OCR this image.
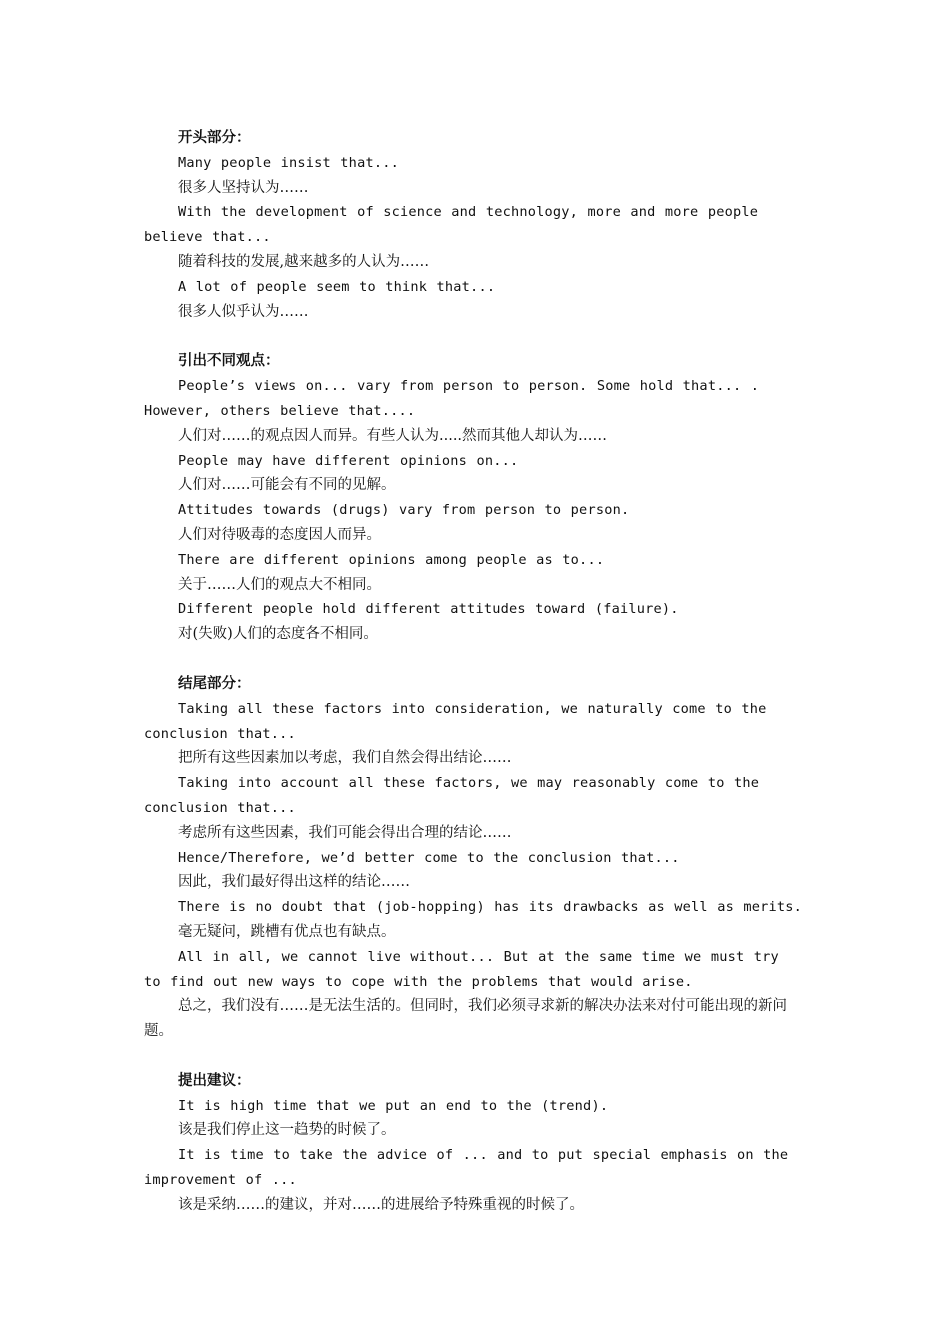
开头部分：

Many people insist that...

很多人坚持认为……

With the development of science and technology, more and more people believe that...

随着科技的发展,越来越多的人认为……

A lot of people seem to think that...

很多人似乎认为……

引出不同观点：

People’s views on... vary from person to person. Some hold that... . However, others believe that....

人们对……的观点因人而异。有些人认为.....然而其他人却认为……

People may have different opinions on...

人们对……可能会有不同的见解。

Attitudes towards (drugs) vary from person to person.

人们对待吸毒的态度因人而异。

There are different opinions among people as to...

关于……人们的观点大不相同。

Different people hold different attitudes toward (failure).

对(失败)人们的态度各不相同。

结尾部分：

Taking all these factors into consideration, we naturally come to the conclusion that...

把所有这些因素加以考虑，我们自然会得出结论……

Taking into account all these factors, we may reasonably come to the conclusion that...

考虑所有这些因素，我们可能会得出合理的结论……

Hence/Therefore, we’d better come to the conclusion that...

因此，我们最好得出这样的结论……

There is no doubt that (job-hopping) has its drawbacks as well as merits.

毫无疑问，跳槽有优点也有缺点。

All in all, we cannot live without... But at the same time we must try to find out new ways to cope with the problems that would arise.

总之，我们没有……是无法生活的。但同时，我们必须寻求新的解决办法来对付可能出现的新问题。

提出建议：

It is high time that we put an end to the (trend).

该是我们停止这一趋势的时候了。

It is time to take the advice of ... and to put special emphasis on the improvement of ...

该是采纳……的建议，并对……的进展给予特殊重视的时候了。
